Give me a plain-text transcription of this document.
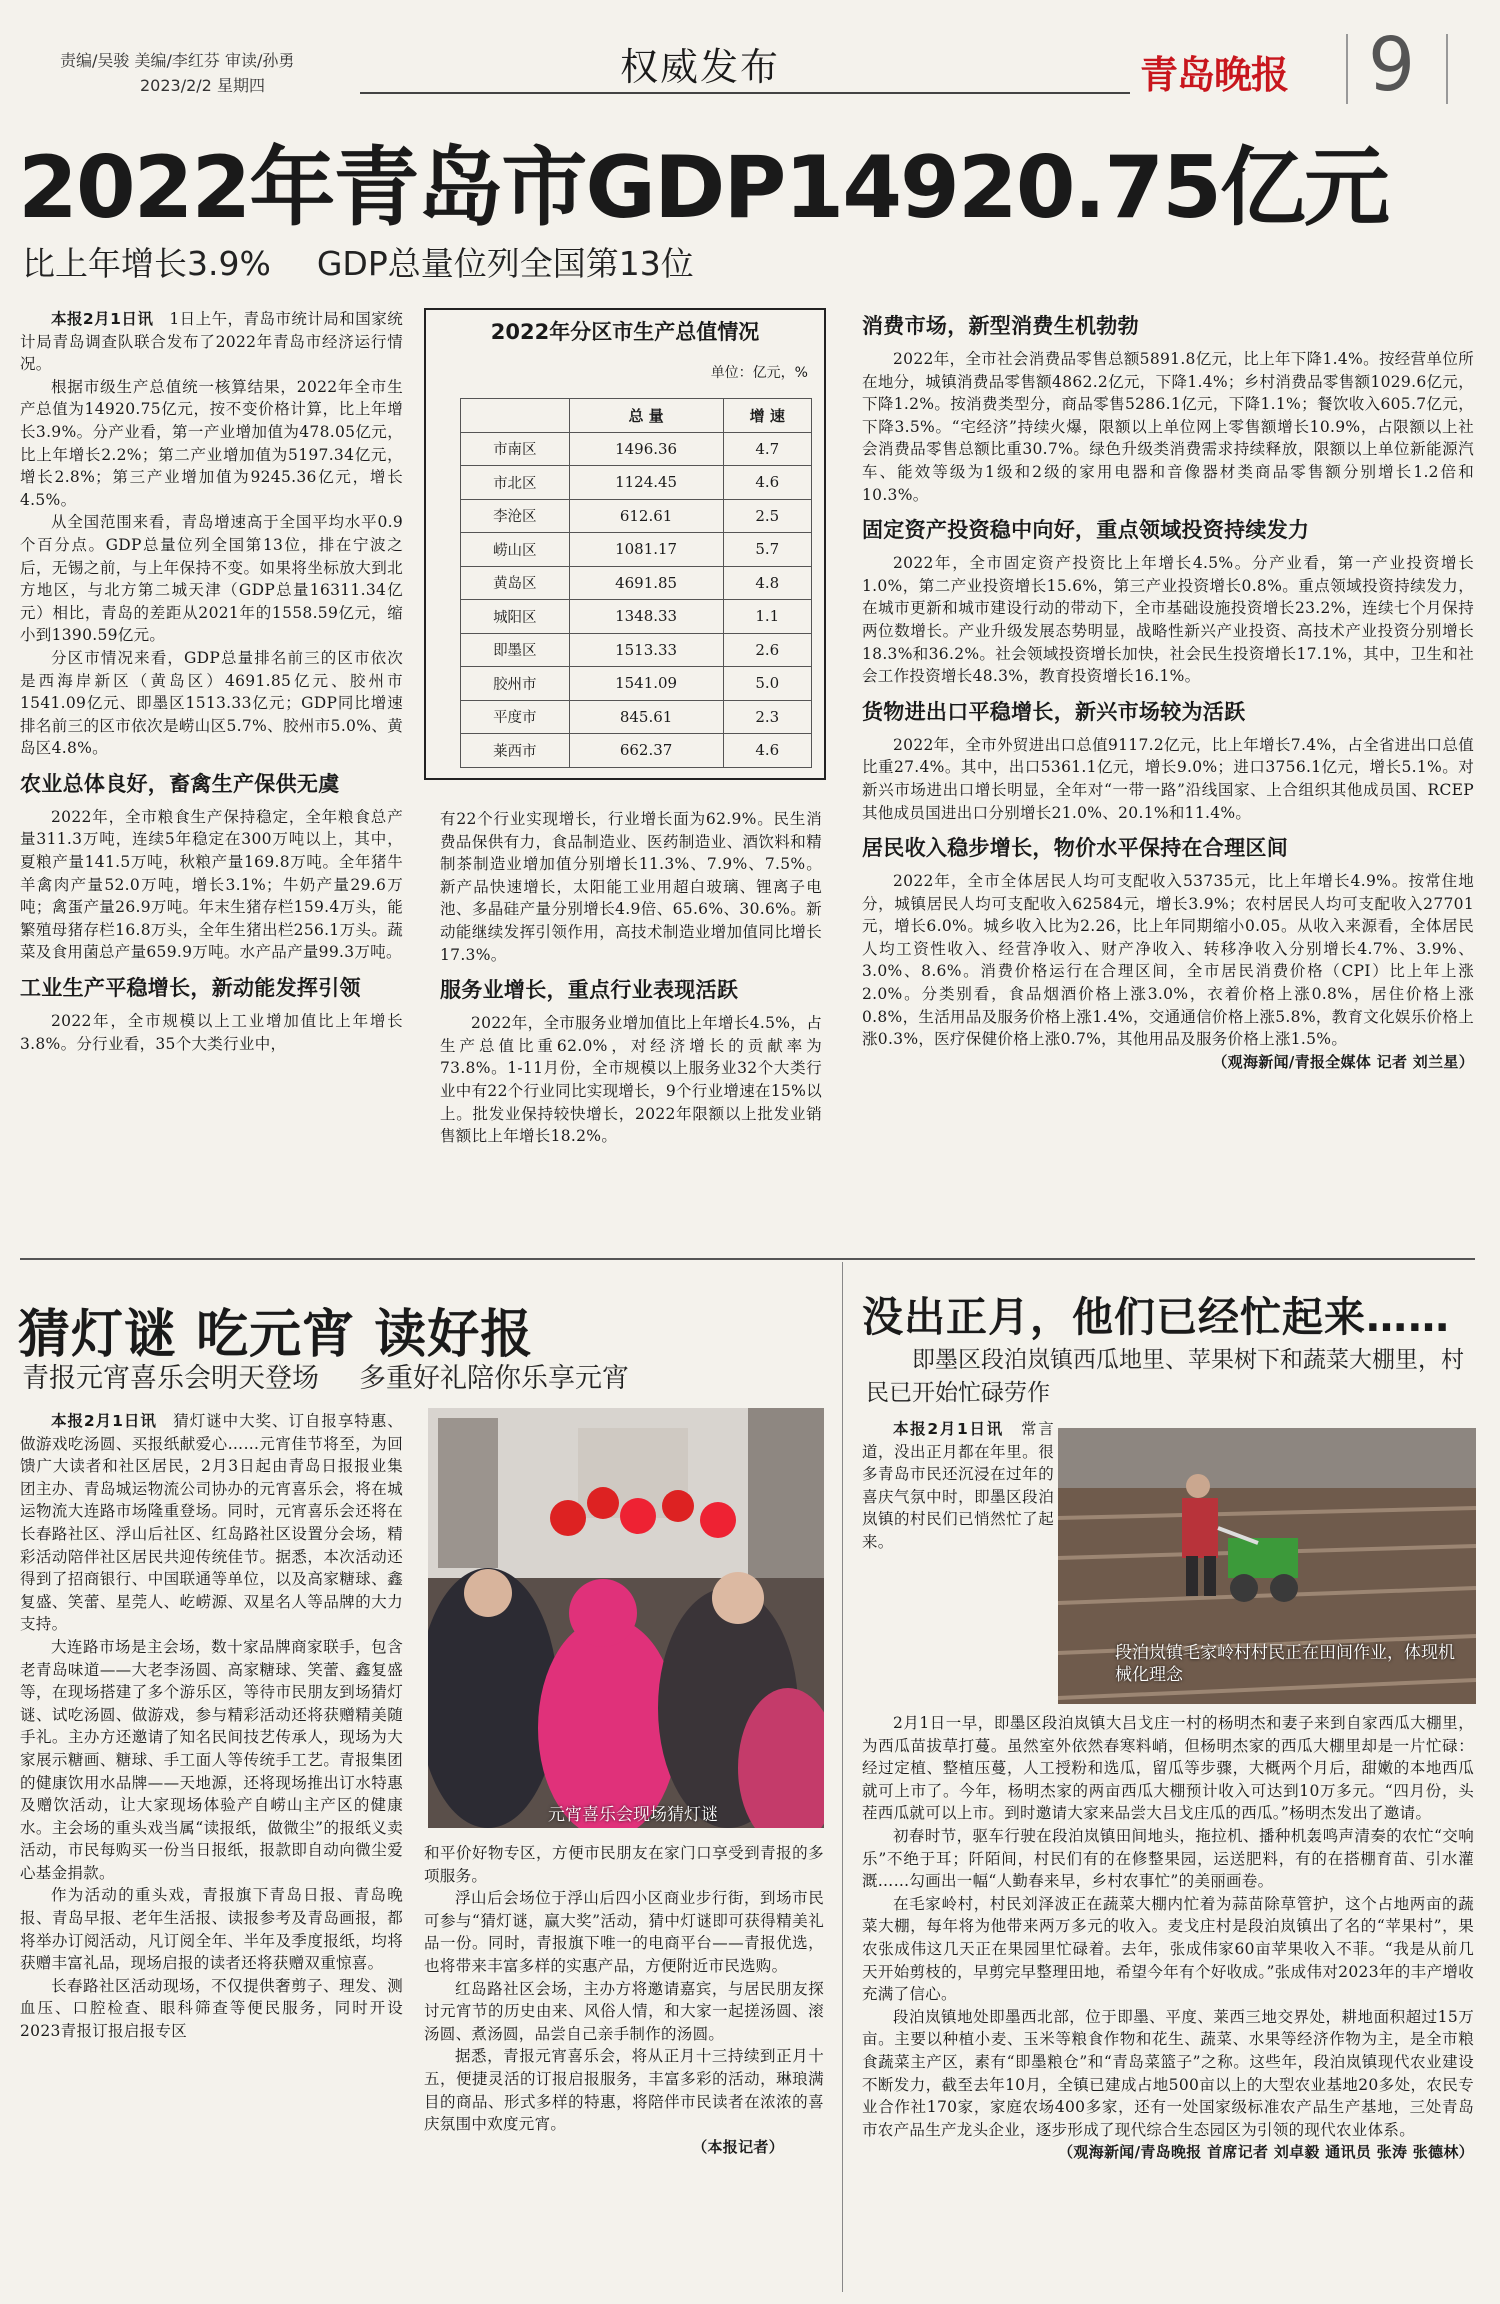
责编/吴骏 美编/李红芬 审读/孙勇
2023/2/2 星期四	权威发布	青岛晚报 9
2022年青岛市GDP14920.75亿元
比上年增长3.9% GDP总量位列全国第13位

本报2月1日讯　 1日上午，青岛市统计局和国家统计局青岛调查队联合发布了2022年青岛市经济运行情况。

根据市级生产总值统一核算结果，2022年全市生产总值为14920.75亿元，按不变价格计算，比上年增长3.9%。分产业看，第一产业增加值为478.05亿元，比上年增长2.2%；第二产业增加值为5197.34亿元，增长2.8%；第三产业增加值为9245.36亿元，增长4.5%。

从全国范围来看，青岛增速高于全国平均水平0.9个百分点。GDP总量位列全国第13位，排在宁波之后，无锡之前，与上年保持不变。如果将坐标放大到北方地区，与北方第二城天津（GDP总量16311.34亿元）相比，青岛的差距从2021年的1558.59亿元，缩小到1390.59亿元。

分区市情况来看，GDP总量排名前三的区市依次是西海岸新区（黄岛区）4691.85亿元、胶州市1541.09亿元、即墨区1513.33亿元；GDP同比增速排名前三的区市依次是崂山区5.7%、胶州市5.0%、黄岛区4.8%。

农业总体良好，畜禽生产保供无虞

2022年，全市粮食生产保持稳定，全年粮食总产量311.3万吨，连续5年稳定在300万吨以上，其中，夏粮产量141.5万吨，秋粮产量169.8万吨。全年猪牛羊禽肉产量52.0万吨，增长3.1%；牛奶产量29.6万吨；禽蛋产量26.9万吨。年末生猪存栏159.4万头，能繁殖母猪存栏16.8万头，全年生猪出栏256.1万头。蔬菜及食用菌总产量659.9万吨。水产品产量99.3万吨。

工业生产平稳增长，新动能发挥引领

2022年，全市规模以上工业增加值比上年增长3.8%。分行业看，35个大类行业中，

2022年分区市生产总值情况
单位：亿元，%
	总 量	增 速
市南区	1496.36	4.7
市北区	1124.45	4.6
李沧区	612.61	2.5
崂山区	1081.17	5.7
黄岛区	4691.85	4.8
城阳区	1348.33	1.1
即墨区	1513.33	2.6
胶州市	1541.09	5.0
平度市	845.61	2.3
莱西市	662.37	4.6

有22个行业实现增长，行业增长面为62.9%。民生消费品保供有力，食品制造业、医药制造业、酒饮料和精制茶制造业增加值分别增长11.3%、7.9%、7.5%。新产品快速增长，太阳能工业用超白玻璃、锂离子电池、多晶硅产量分别增长4.9倍、65.6%、30.6%。新动能继续发挥引领作用，高技术制造业增加值同比增长17.3%。

服务业增长，重点行业表现活跃

2022年，全市服务业增加值比上年增长4.5%，占生产总值比重62.0%，对经济增长的贡献率为73.8%。1-11月份，全市规模以上服务业32个大类行业中有22个行业同比实现增长，9个行业增速在15%以上。批发业保持较快增长，2022年限额以上批发业销售额比上年增长18.2%。

消费市场，新型消费生机勃勃

2022年，全市社会消费品零售总额5891.8亿元，比上年下降1.4%。按经营单位所在地分，城镇消费品零售额4862.2亿元，下降1.4%；乡村消费品零售额1029.6亿元，下降1.2%。按消费类型分，商品零售5286.1亿元，下降1.1%；餐饮收入605.7亿元，下降3.5%。“宅经济”持续火爆，限额以上单位网上零售额增长10.9%，占限额以上社会消费品零售总额比重30.7%。绿色升级类消费需求持续释放，限额以上单位新能源汽车、能效等级为1级和2级的家用电器和音像器材类商品零售额分别增长1.2倍和10.3%。

固定资产投资稳中向好，重点领域投资持续发力

2022年，全市固定资产投资比上年增长4.5%。分产业看，第一产业投资增长1.0%，第二产业投资增长15.6%，第三产业投资增长0.8%。重点领域投资持续发力，在城市更新和城市建设行动的带动下，全市基础设施投资增长23.2%，连续七个月保持两位数增长。产业升级发展态势明显，战略性新兴产业投资、高技术产业投资分别增长18.3%和36.2%。社会领域投资增长加快，社会民生投资增长17.1%，其中，卫生和社会工作投资增长48.3%，教育投资增长16.1%。

货物进出口平稳增长，新兴市场较为活跃

2022年，全市外贸进出口总值9117.2亿元，比上年增长7.4%，占全省进出口总值比重27.4%。其中，出口5361.1亿元，增长9.0%；进口3756.1亿元，增长5.1%。对新兴市场进出口增长明显，全年对“一带一路”沿线国家、上合组织其他成员国、RCEP其他成员国进出口分别增长21.0%、20.1%和11.4%。

居民收入稳步增长，物价水平保持在合理区间

2022年，全市全体居民人均可支配收入53735元，比上年增长4.9%。按常住地分，城镇居民人均可支配收入62584元，增长3.9%；农村居民人均可支配收入27701元，增长6.0%。城乡收入比为2.26，比上年同期缩小0.05。从收入来源看，全体居民人均工资性收入、经营净收入、财产净收入、转移净收入分别增长4.7%、3.9%、3.0%、8.6%。消费价格运行在合理区间，全市居民消费价格（CPI）比上年上涨2.0%。分类别看，食品烟酒价格上涨3.0%，衣着价格上涨0.8%，居住价格上涨0.8%，生活用品及服务价格上涨1.4%，交通通信价格上涨5.8%，教育文化娱乐价格上涨0.3%，医疗保健价格上涨0.7%，其他用品及服务价格上涨1.5%。

（观海新闻/青报全媒体 记者 刘兰星）
猜灯谜 吃元宵 读好报
青报元宵喜乐会明天登场 多重好礼陪你乐享元宵

本报2月1日讯　 猜灯谜中大奖、订自报享特惠、做游戏吃汤圆、买报纸献爱心……元宵佳节将至，为回馈广大读者和社区居民，2月3日起由青岛日报报业集团主办、青岛城运物流公司协办的元宵喜乐会，将在城运物流大连路市场隆重登场。同时，元宵喜乐会还将在长春路社区、浮山后社区、红岛路社区设置分会场，精彩活动陪伴社区居民共迎传统佳节。据悉，本次活动还得到了招商银行、中国联通等单位，以及高家糖球、鑫复盛、笑蕾、星莞人、屹崂源、双星名人等品牌的大力支持。

大连路市场是主会场，数十家品牌商家联手，包含老青岛味道——大老李汤圆、高家糖球、笑蕾、鑫复盛等，在现场搭建了多个游乐区，等待市民朋友到场猜灯谜、试吃汤圆、做游戏，参与精彩活动还将获赠精美随手礼。主办方还邀请了知名民间技艺传承人，现场为大家展示糖画、糖球、手工面人等传统手工艺。青报集团的健康饮用水品牌——天地源，还将现场推出订水特惠及赠饮活动，让大家现场体验产自崂山主产区的健康水。主会场的重头戏当属“读报纸，做微尘”的报纸义卖活动，市民每购买一份当日报纸，报款即自动向微尘爱心基金捐款。

作为活动的重头戏，青报旗下青岛日报、青岛晚报、青岛早报、老年生活报、读报参考及青岛画报，都将举办订阅活动，凡订阅全年、半年及季度报纸，均将获赠丰富礼品，现场启报的读者还将获赠双重惊喜。

长春路社区活动现场，不仅提供奢剪子、理发、测血压、口腔检查、眼科筛查等便民服务，同时开设2023青报订报启报专区

元宵喜乐会现场猜灯谜

和平价好物专区，方便市民朋友在家门口享受到青报的多项服务。

浮山后会场位于浮山后四小区商业步行街，到场市民可参与“猜灯谜，赢大奖”活动，猜中灯谜即可获得精美礼品一份。同时，青报旗下唯一的电商平台——青报优选，也将带来丰富多样的实惠产品，方便附近市民选购。

红岛路社区会场，主办方将邀请嘉宾，与居民朋友探讨元宵节的历史由来、风俗人情，和大家一起搓汤圆、滚汤圆、煮汤圆，品尝自己亲手制作的汤圆。

据悉，青报元宵喜乐会，将从正月十三持续到正月十五，便捷灵活的订报启报服务，丰富多彩的活动，琳琅满目的商品、形式多样的特惠，将陪伴市民读者在浓浓的喜庆氛围中欢度元宵。

（本报记者）
没出正月，他们已经忙起来……
即墨区段泊岚镇西瓜地里、苹果树下和蔬菜大棚里，村民已开始忙碌劳作

本报2月1日讯　 常言道，没出正月都在年里。很多青岛市民还沉浸在过年的喜庆气氛中时，即墨区段泊岚镇的村民们已悄然忙了起来。

段泊岚镇毛家岭村村民正在田间作业，体现机械化理念

2月1日一早，即墨区段泊岚镇大吕戈庄一村的杨明杰和妻子来到自家西瓜大棚里，为西瓜苗拔草打蔓。虽然室外依然春寒料峭，但杨明杰家的西瓜大棚里却是一片忙碌：经过定植、整植压蔓，人工授粉和选瓜，留瓜等步骤，大概两个月后，甜嫩的本地西瓜就可上市了。今年，杨明杰家的两亩西瓜大棚预计收入可达到10万多元。“四月份，头茬西瓜就可以上市。到时邀请大家来品尝大吕戈庄瓜的西瓜。”杨明杰发出了邀请。

初春时节，驱车行驶在段泊岚镇田间地头，拖拉机、播种机轰鸣声清奏的农忙“交响乐”不绝于耳；阡陌间，村民们有的在修整果园，运送肥料，有的在搭棚育苗、引水灌溉……勾画出一幅“人勤春来早，乡村农事忙”的美丽画卷。

在毛家岭村，村民刘泽波正在蔬菜大棚内忙着为蒜苗除草管护，这个占地两亩的蔬菜大棚，每年将为他带来两万多元的收入。麦戈庄村是段泊岚镇出了名的“苹果村”，果农张成伟这几天正在果园里忙碌着。去年，张成伟家60亩苹果收入不菲。“我是从前几天开始剪枝的，早剪完早整理田地，希望今年有个好收成。”张成伟对2023年的丰产增收充满了信心。

段泊岚镇地处即墨西北部，位于即墨、平度、莱西三地交界处，耕地面积超过15万亩。主要以种植小麦、玉米等粮食作物和花生、蔬菜、水果等经济作物为主，是全市粮食蔬菜主产区，素有“即墨粮仓”和“青岛菜篮子”之称。这些年，段泊岚镇现代农业建设不断发力，截至去年10月，全镇已建成占地500亩以上的大型农业基地20多处，农民专业合作社170家，家庭农场400多家，还有一处国家级标准农产品生产基地，三处青岛市农产品生产龙头企业，逐步形成了现代综合生态园区为引领的现代农业体系。

（观海新闻/青岛晚报 首席记者 刘卓毅 通讯员 张涛 张德林）
